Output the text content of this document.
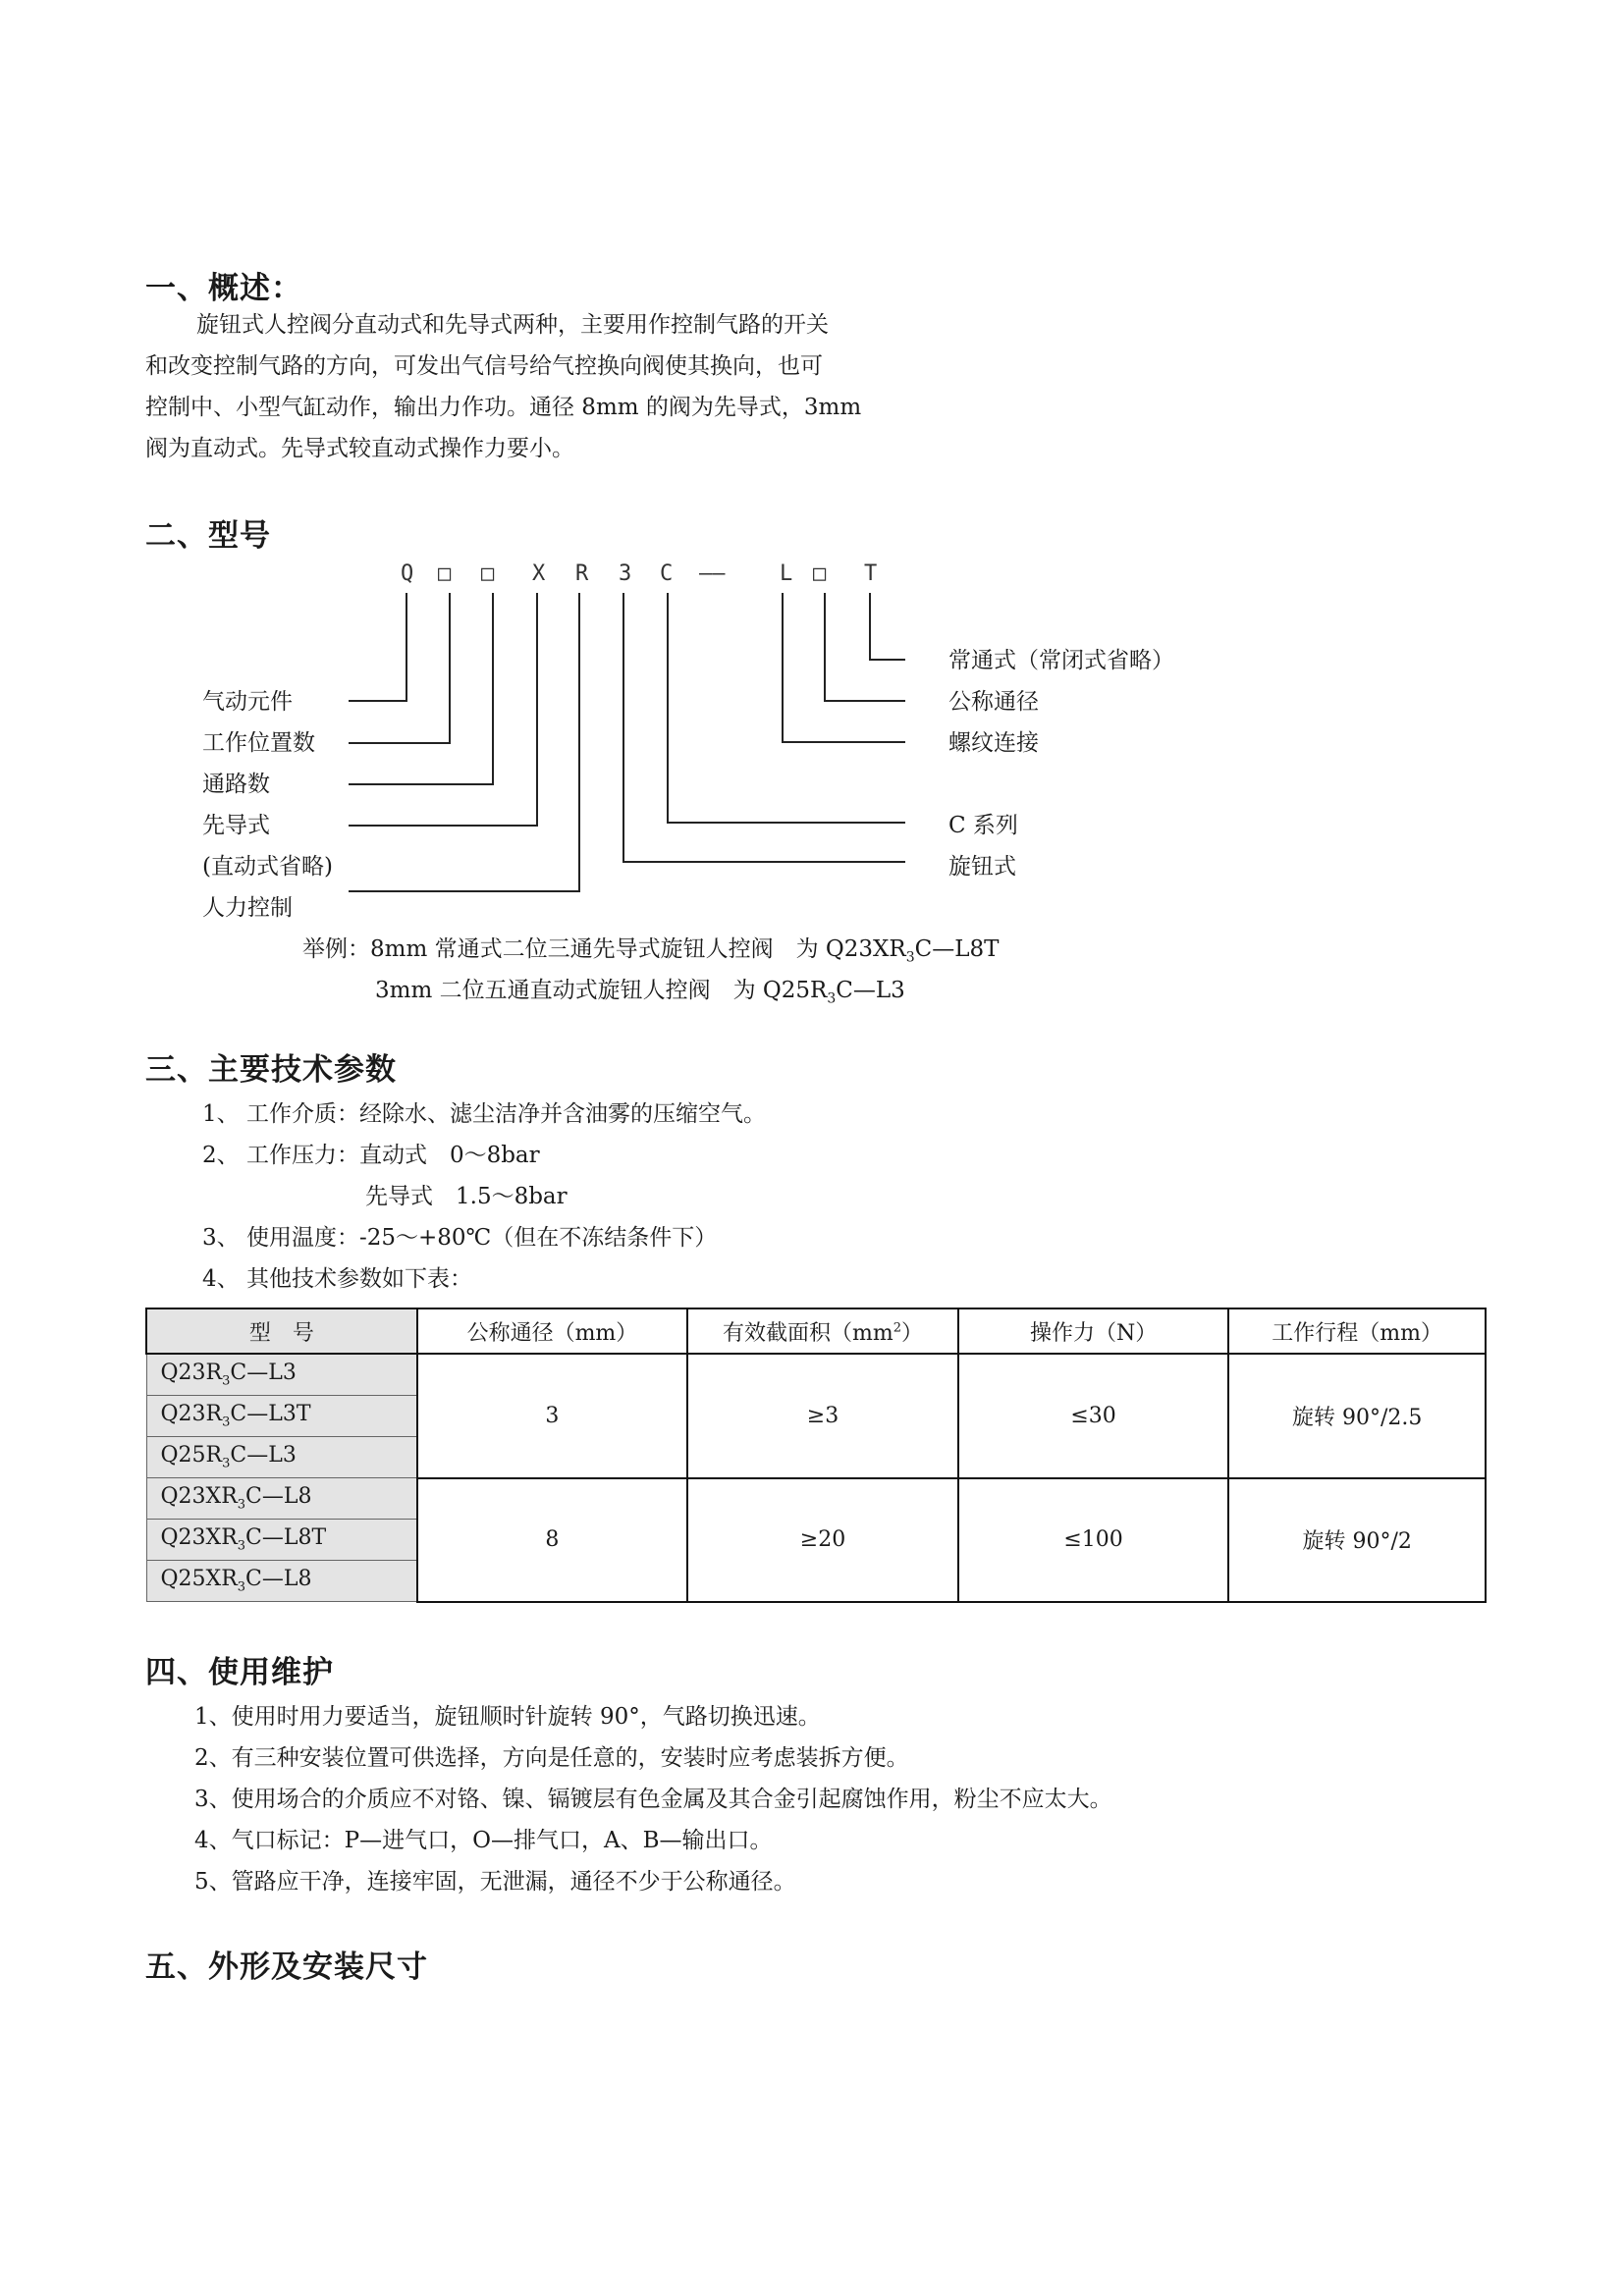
一、概述：
旋钮式人控阀分直动式和先导式两种，主要用作控制气路的开关
和改变控制气路的方向，可发出气信号给气控换向阀使其换向，也可
控制中、小型气缸动作，输出力作功。通径 8mm 的阀为先导式，3mm
阀为直动式。先导式较直动式操作力要小。
二、型号
Q □ □ X R 3 C ——	L □ T
气动元件
工作位置数
通路数
先导式
(直动式省略)
人力控制
常通式（常闭式省略）
公称通径
螺纹连接
C 系列
旋钮式
举例：8mm 常通式二位三通先导式旋钮人控阀　为 $Q23XR_3C—L8T$
3mm 二位五通直动式旋钮人控阀　为 $Q25R_3C—L3$
三、主要技术参数
1、 工作介质：经除水、滤尘洁净并含油雾的压缩空气。
2、 工作压力：直动式　0～8bar
先导式　1.5～8bar
3、 使用温度：-25～+80℃（但在不冻结条件下）
4、 其他技术参数如下表：
型　号	公称通径（mm）	有效截面积$(mm^2)$	操作力（N）	工作行程（mm）
$Q23R_3C—L3$	3	≥3	≤30	旋转 90°/2.5
$Q23R_3C—L3T$				
$Q25R_3C—L3$				
$Q23XR_3C—L8$	8	≥20	≤100	旋转 90°/2
$Q23XR_3C—L8T$				
$Q25XR_3C—L8$				
四、使用维护
1、使用时用力要适当，旋钮顺时针旋转 90°，气路切换迅速。
2、有三种安装位置可供选择，方向是任意的，安装时应考虑装拆方便。
3、使用场合的介质应不对铬、镍、镉镀层有色金属及其合金引起腐蚀作用，粉尘不应太大。
4、气口标记：P—进气口，O—排气口，A、B—输出口。
5、管路应干净，连接牢固，无泄漏，通径不少于公称通径。
五、外形及安装尺寸
